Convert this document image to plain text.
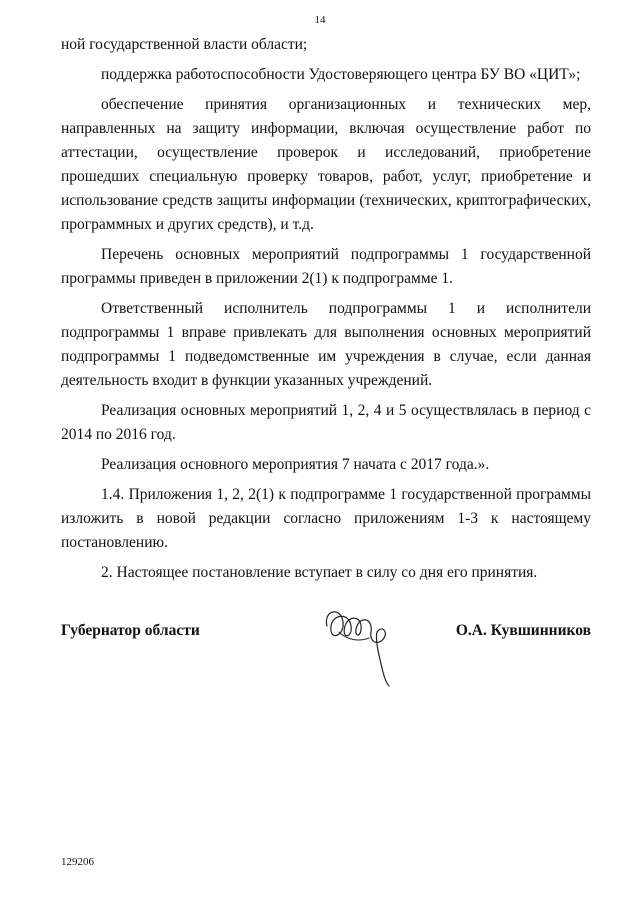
14

ной государственной власти области;

поддержка работоспособности Удостоверяющего центра БУ ВО «ЦИТ»;

обеспечение принятия организационных и технических мер, направленных на защиту информации, включая осуществление работ по аттестации, осуществление проверок и исследований, приобретение прошедших специальную проверку товаров, работ, услуг, приобретение и использование средств защиты информации (технических, криптографических, программных и других средств), и т.д.

Перечень основных мероприятий подпрограммы 1 государственной программы приведен в приложении 2(1) к подпрограмме 1.

Ответственный исполнитель подпрограммы 1 и исполнители подпрограммы 1 вправе привлекать для выполнения основных мероприятий подпрограммы 1 подведомственные им учреждения в случае, если данная деятельность входит в функции указанных учреждений.

Реализация основных мероприятий 1, 2, 4 и 5 осуществлялась в период с 2014 по 2016 год.

Реализация основного мероприятия 7 начата с 2017 года.».

1.4. Приложения 1, 2, 2(1) к подпрограмме 1 государственной программы изложить в новой редакции согласно приложениям 1-3 к настоящему постановлению.

2. Настоящее постановление вступает в силу со дня его принятия.

Губернатор области	О.А. Кувшинников
129206
